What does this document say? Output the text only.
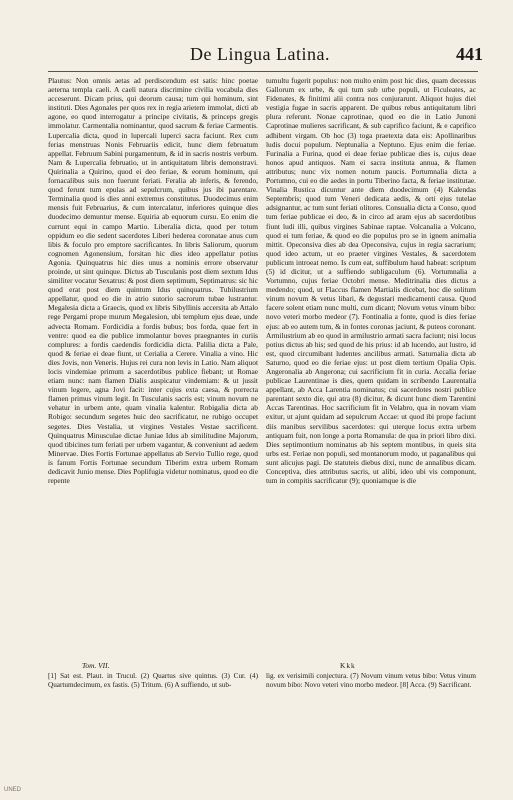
De Lingua Latina.	441

Plautus: Non omnis aetas ad perdiscendum est satis: hinc poetae aeterna templa caeli. A caeli natura discrimine civilia vocabula dies acceserunt. Dicam prius, qui deorum causa; tum qui hominum, sint instituti. Dies Agonales per quos rex in regia arietem immolat, dicti ab agone, eo quod interrogatur a principe civitatis, & princeps gregis immolatur. Carmentalia nominantur, quod sacrum & feriae Carmentis. Lupercalia dicta, quod in lupercali luperci sacra faciunt. Rex cum ferias menstruas Nonis Februariis edicit, hunc diem februatum appellat. Februum Sabini purgamentum, & id in sacris nostris verbum. Nam & Lupercalia februatio, ut in antiquitatum libris demonstravi. Quirinalia a Quirino, quod ei deo feriae, & eorum hominum, qui fornacalibus suis non fuerunt feriati. Feralia ab inferis, & ferendo, quod ferunt tum epulas ad sepulcrum, quibus jus ibi parentare. Terminalia quod is dies anni extremus constitutus. Duodecimus enim mensis fuit Februarius, & cum intercalatur, inferiores quinque dies duodecimo demuntur mense. Equiria ab equorum cursu. Eo enim die currunt equi in campo Martio. Liberalia dicta, quod per totum oppidum eo die sedent sacerdotes Liberi hederea coronatae anus cum libis & foculo pro emptore sacrificantes. In libris Saliorum, quorum cognomen Agonensium, forsitan hic dies ideo appellatur potius Agonia. Quinquatrus hic dies unus a nominis errore observatur proinde, ut sint quinque. Dictus ab Tusculanis post diem sextum Idus similiter vocatur Sexatrus: & post diem septimum, Septimatrus: sic hic quod erat post diem quintum Idus quinquatrus. Tubilustrium appellatur, quod eo die in atrio sutorio sacrorum tubae lustrantur. Megalesia dicta a Graecis, quod ex libris Sibyllinis accersita ab Attalo rege Pergami prope murum Megalesion, ubi templum ejus deae, unde advecta Romam. Fordicidia a fordis bubus; bos forda, quae fert in ventre: quod ea die publice immolantur boves praegnantes in curiis complures: a fordis caedendis fordicidia dicta. Palilia dicta a Pale, quod & feriae ei deae fiunt, ut Cerialia a Cerere. Vinalia a vino. Hic dies Jovis, non Veneris. Hujus rei cura non levis in Latio. Nam aliquot locis vindemiae primum a sacerdotibus publice fiebant; ut Romae etiam nunc: nam flamen Dialis auspicatur vindemiam: & ut jussit vinum legere, agna Jovi facit: inter cujus exta caesa, & porrecta flamen primus vinum legit. In Tusculanis sacris est; vinum novum ne vehatur in urbem ante, quam vinalia kalentur. Robigalia dicta ab Robigo: secundum segetes huic deo sacrificatur, ne rubigo occupet segetes. Dies Vestalia, ut virgines Vestales Vestae sacrificent. Quinquatrus Minusculae dictae Juniae Idus ab similitudine Majorum, quod tibicines tum feriati per urbem vagantur, & conveniunt ad aedem Minervae. Dies Fortis Fortunae appellatus ab Servio Tullio rege, quod is fanum Fortis Fortunae secundum Tiberim extra urbem Romam dedicavit Junio mense. Dies Poplifugia videtur nominatus, quod eo die repente

tumultu fugerit populus: non multo enim post hic dies, quam decessus Gallorum ex urbe, & qui tum sub urbe populi, ut Ficuleates, ac Fidenates, & finitimi alii contra nos conjurarunt. Aliquot hujus diei vestigia fugae in sacris apparent. De quibus rebus antiquitatum libri plura referunt. Nonae caprotinae, quod eo die in Latio Junoni Caprotinae mulieres sacrificant, & sub caprifico faciunt, & e caprifico adhibent virgam. Ob hoc (3) toga praetexta data eis: Apollinaribus ludis docui populum. Neptunalia a Neptuno. Ejus enim die feriae. Furinalia a Furina, quod ei deae feriae publicae dies is, cujus deae honos apud antiquos. Nam ei sacra instituta annua, & flamen attributus; nunc vix nomen notum paucis. Portumnalia dicta a Portumno, cui eo die aedes in portu Tiberino facta, & feriae institutae. Vinalia Rustica dicuntur ante diem duodecimum (4) Kalendas Septembris; quod tum Veneri dedicata aedis, & orti ejus tutelae adsignantur, ac tum sunt feriati olitores. Consualia dicta a Conso, quod tum feriae publicae ei deo, & in circo ad aram ejus ab sacerdotibus fiunt ludi illi, quibus virgines Sabinae raptae. Volcanalia a Volcano, quod ei tum feriae, & quod eo die populus pro se in ignem animalia mittit. Opeconsiva dies ab dea Opeconsiva, cujus in regia sacrarium; quod ideo actum, ut eo praeter virgines Vestales, & sacerdotem publicum introeat nemo. Is cum eat, suffibulum haud habeat: scriptum (5) id dicitur, ut a suffiendo subligaculum (6). Vortumnalia a Vortumno, cujus feriae Octobri mense. Meditrinalia dies dictus a medendo; quod, ut Flaccus flamen Martialis dicebat, hoc die solitum vinum novum & vetus libari, & degustari medicamenti causa. Quod facere solent etiam nunc multi, cum dicant; Novum vetus vinum bibo: novo veteri morbo medeor (7). Fontinalia a fonte, quod is dies feriae ejus: ab eo autem tum, & in fontes coronas jaciunt, & puteos coronant. Armilustrium ab eo quod in armilustrio armati sacra faciunt; nisi locus potius dictus ab his; sed quod de his prius: id ab lucendo, aut lustro, id est, quod circumibant ludentes ancilibus armati. Saturnalia dicta ab Saturno, quod eo die feriae ejus: ut post diem tertium Opalia Opis. Angeronalia ab Angerona; cui sacrificium fit in curia. Accalia feriae publicae Laurentinae is dies, quem quidam in scribendo Laurentalia appellant, ab Acca Larentia nominatus; cui sacerdotes nostri publice parentant sexto die, qui atra (8) dicitur, & dicunt hunc diem Tarentini Accas Tarentinas. Hoc sacrificium fit in Velabro, qua in novam viam exitur, ut ajunt quidam ad sepulcrum Accae: ut quod ibi prope faciunt diis manibus servilibus sacerdotes: qui uterque locus extra urbem antiquam fuit, non longe a porta Romanula: de qua in priori libro dixi. Dies septimontium nominatus ab his septem montibus, in queis sita urbs est. Feriae non populi, sed montanorum modo, ut paganalibus qui sunt alicujus pagi. De statuteis diebus dixi, nunc de annalibus dicam. Conceptiva, dies attributus sacris, ut alibi, ideo ubi vis componunt, tum in compitis sacrificatur (9); quoniamque is die

Tom. VII.	Kkk

[1] Sat est. Plaut. in Trucul. (2) Quartus sive quintus. (3) Cur. (4) Quartumdecimum, ex fastis. (5) Tritum. (6) A suffiendo, ut sub-

lig. ex verisimili conjectura. (7) Novum vinum vetus bibo: Vetus vinum novum bibo: Novo veteri vino morbo medeor. [8] Acca. (9) Sacrificant.

UNED
